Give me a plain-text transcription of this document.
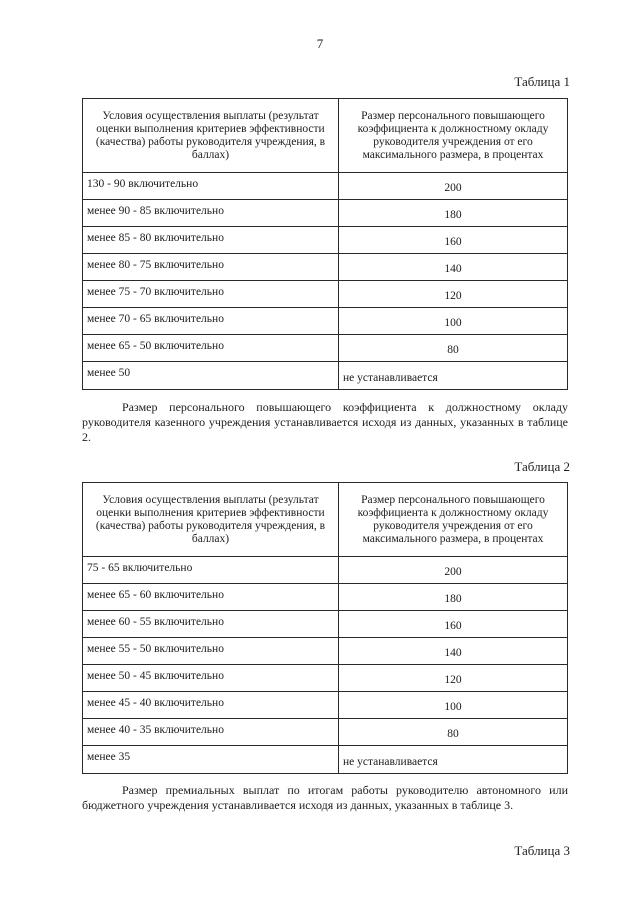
7
Таблица 1
Условия осуществления выплаты (результат оценки выполнения критериев эффективности (качества) работы руководителя учреждения, в баллах)	Размер персонального повышающего коэффициента к должностному окладу руководителя учреждения от его максимального размера, в процентах
130 - 90 включительно	200
менее 90 - 85 включительно	180
менее 85 - 80 включительно	160
менее 80 - 75 включительно	140
менее 75 - 70 включительно	120
менее 70 - 65 включительно	100
менее 65 - 50 включительно	80
менее 50	не устанавливается
Размер персонального повышающего коэффициента к должностному окладу руководителя казенного учреждения устанавливается исходя из данных, указанных в таблице 2.
Таблица 2
Условия осуществления выплаты (результат оценки выполнения критериев эффективности (качества) работы руководителя учреждения, в баллах)	Размер персонального повышающего коэффициента к должностному окладу руководителя учреждения от его максимального размера, в процентах
75 - 65 включительно	200
менее 65 - 60 включительно	180
менее 60 - 55 включительно	160
менее 55 - 50 включительно	140
менее 50 - 45 включительно	120
менее 45 - 40 включительно	100
менее 40 - 35 включительно	80
менее 35	не устанавливается
Размер премиальных выплат по итогам работы руководителю автономного или бюджетного учреждения устанавливается исходя из данных, указанных в таблице 3.
Таблица 3
